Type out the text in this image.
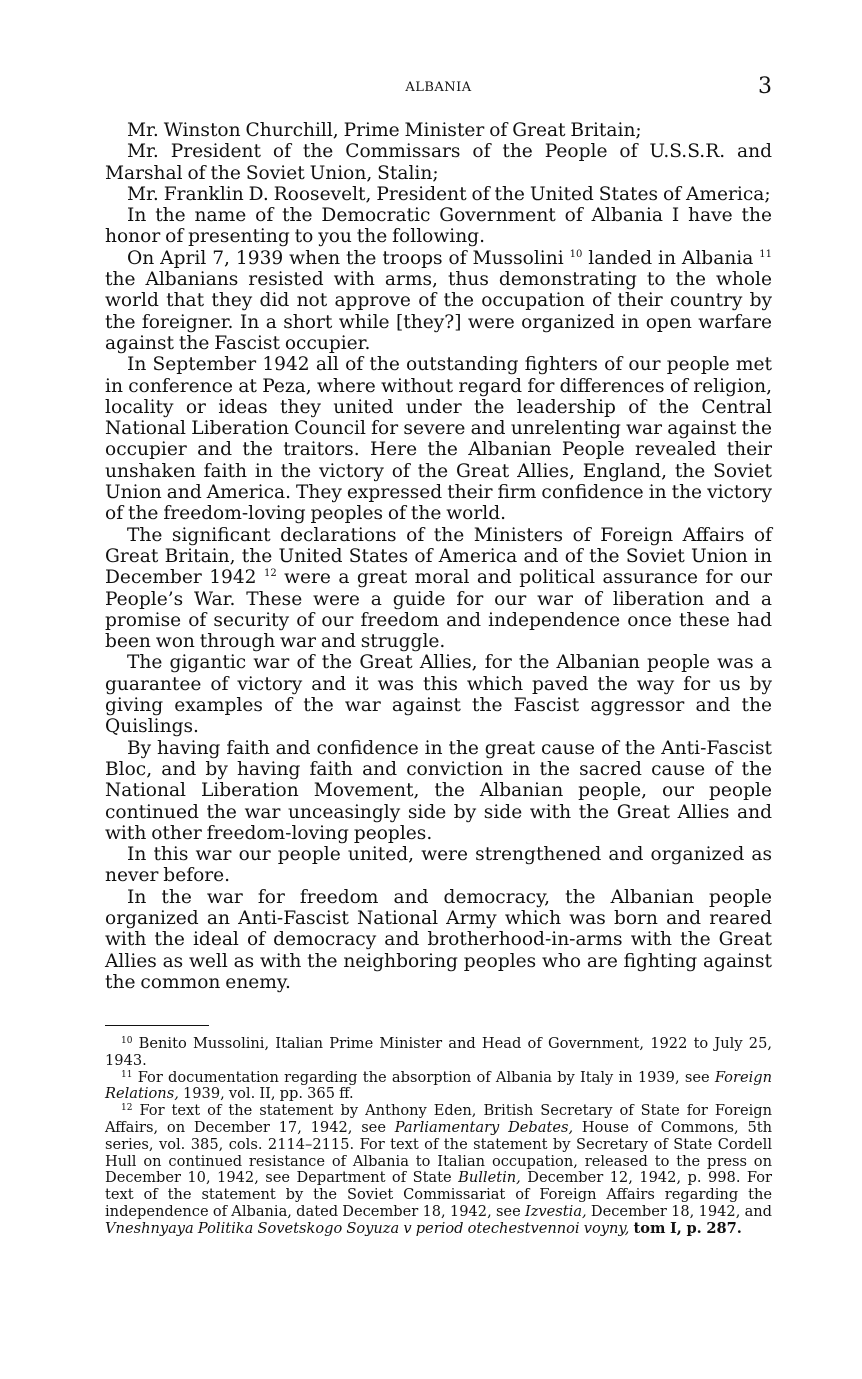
ALBANIA	3

Mr. Winston Churchill, Prime Minister of Great Britain;

Mr. President of the Commissars of the People of U.S.S.R. and Marshal of the Soviet Union, Stalin;

Mr. Franklin D. Roosevelt, President of the United States of America;

In the name of the Democratic Government of Albania I have the honor of presenting to you the following.

On April 7, 1939 when the troops of Mussolini $^{10}$ landed in Albania $^{11}$ the Albanians resisted with arms, thus demonstrating to the whole world that they did not approve of the occupation of their country by the foreigner. In a short while [they?] were organized in open warfare against the Fascist occupier.

In September 1942 all of the outstanding fighters of our people met in conference at Peza, where without regard for differences of religion, locality or ideas they united under the leadership of the Central National Liberation Council for severe and unrelenting war against the occupier and the traitors. Here the Albanian People revealed their unshaken faith in the victory of the Great Allies, England, the Soviet Union and America. They expressed their firm confidence in the victory of the freedom-loving peoples of the world.

The significant declarations of the Ministers of Foreign Affairs of Great Britain, the United States of America and of the Soviet Union in December 1942 $^{12}$ were a great moral and political assurance for our People’s War. These were a guide for our war of liberation and a promise of security of our freedom and independence once these had been won through war and struggle.

The gigantic war of the Great Allies, for the Albanian people was a guarantee of victory and it was this which paved the way for us by giving examples of the war against the Fascist aggressor and the Quislings.

By having faith and confidence in the great cause of the Anti-Fascist Bloc, and by having faith and conviction in the sacred cause of the National Liberation Movement, the Albanian people, our people continued the war unceasingly side by side with the Great Allies and with other freedom-loving peoples.

In this war our people united, were strengthened and organized as never before.

In the war for freedom and democracy, the Albanian people organized an Anti-Fascist National Army which was born and reared with the ideal of democracy and brotherhood-in-arms with the Great Allies as well as with the neighboring peoples who are fighting against the common enemy.

$^{10}$ Benito Mussolini, Italian Prime Minister and Head of Government, 1922 to July 25, 1943.

$^{11}$ For documentation regarding the absorption of Albania by Italy in 1939, see Foreign Relations, 1939, vol. II, pp. 365 ff.

$^{12}$ For text of the statement by Anthony Eden, British Secretary of State for Foreign Affairs, on December 17, 1942, see Parliamentary Debates, House of Commons, 5th series, vol. 385, cols. 2114–2115. For text of the statement by Secretary of State Cordell Hull on continued resistance of Albania to Italian occupation, released to the press on December 10, 1942, see Department of State Bulletin, December 12, 1942, p. 998. For text of the statement by the Soviet Commissariat of Foreign Affairs regarding the independence of Albania, dated December 18, 1942, see Izvestia, December 18, 1942, and Vneshnyaya Politika Sovetskogo Soyuza v period otechestvennoi voyny, tom I, p. 287.
